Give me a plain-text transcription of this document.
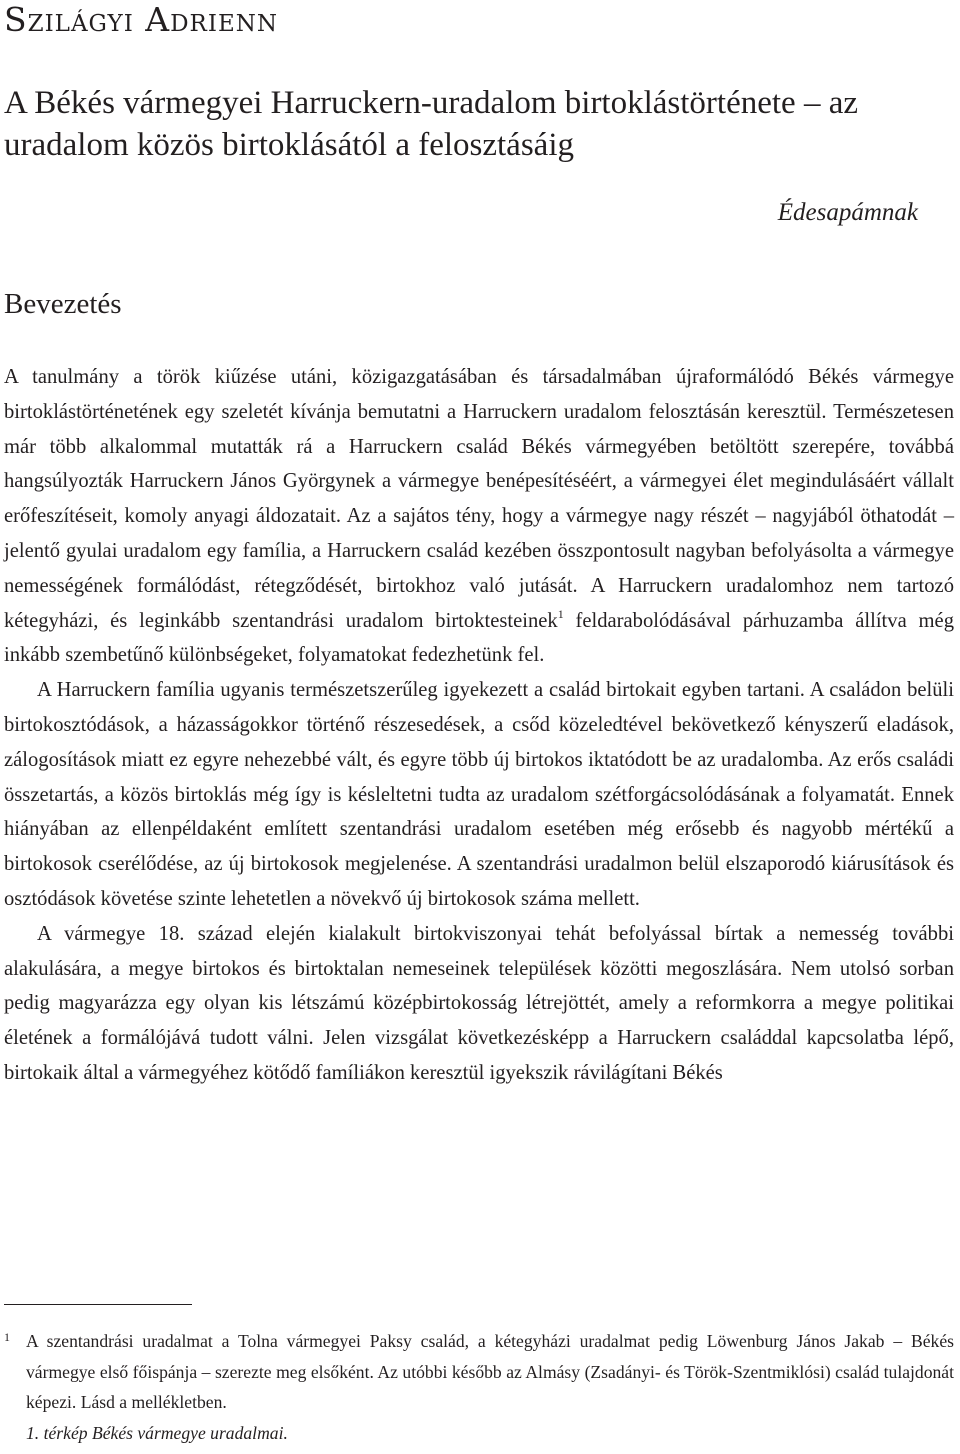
Szilágyi Adrienn
A Békés vármegyei Harruckern-uradalom birtoklástörténete – az uradalom közös birtoklásától a felosztásáig

Édesapámnak

Bevezetés

A tanulmány a török kiűzése utáni, közigazgatásában és társadalmában újraformálódó Békés vármegye birtoklástörténetének egy szeletét kívánja bemutatni a Harruckern uradalom felosztásán keresztül. Természetesen már több alkalommal mutatták rá a Harruckern család Békés vármegyében betöltött szerepére, továbbá hangsúlyozták Harruckern János Györgynek a vármegye benépesítéséért, a vármegyei élet megindulásáért vállalt erőfeszítéseit, komoly anyagi áldozatait. Az a sajátos tény, hogy a vármegye nagy részét – nagyjából öthatodát – jelentő gyulai uradalom egy família, a Harruckern család kezében összpontosult nagyban befolyásolta a vármegye nemességének formálódást, rétegződését, birtokhoz való jutását. A Harruckern uradalomhoz nem tartozó kétegyházi, és leginkább szentandrási uradalom birtoktesteinek$^1$ feldarabolódásával párhuzamba állítva még inkább szembetűnő különbségeket, folyamatokat fedezhetünk fel.

A Harruckern família ugyanis természetszerűleg igyekezett a család birtokait egyben tartani. A családon belüli birtokosztódások, a házasságokkor történő részesedések, a csőd közeledtével bekövetkező kényszerű eladások, zálogosítások miatt ez egyre nehezebbé vált, és egyre több új birtokos iktatódott be az uradalomba. Az erős családi összetartás, a közös birtoklás még így is késleltetni tudta az uradalom szétforgácsolódásának a folyamatát. Ennek hiányában az ellenpéldaként említett szentandrási uradalom esetében még erősebb és nagyobb mértékű a birtokosok cserélődése, az új birtokosok megjelenése. A szentandrási uradalmon belül elszaporodó kiárusítások és osztódások követése szinte lehetetlen a növekvő új birtokosok száma mellett.

A vármegye 18. század elején kialakult birtokviszonyai tehát befolyással bírtak a nemesség további alakulására, a megye birtokos és birtoktalan nemeseinek települések közötti megoszlására. Nem utolsó sorban pedig magyarázza egy olyan kis létszámú középbirtokosság létrejöttét, amely a reformkorra a megye politikai életének a formálójává tudott válni. Jelen vizsgálat következésképp a Harruckern családdal kapcsolatba lépő, birtokaik által a vármegyéhez kötődő famíliákon keresztül igyekszik rávilágítani Békés

1 A szentandrási uradalmat a Tolna vármegyei Paksy család, a kétegyházi uradalmat pedig Löwenburg János Jakab – Békés vármegye első főispánja – szerezte meg elsőként. Az utóbbi később az Almásy (Zsadányi- és Török-Szentmiklósi) család tulajdonát képezi. Lásd a mellékletben.
1. térkép Békés vármegye uradalmai.
